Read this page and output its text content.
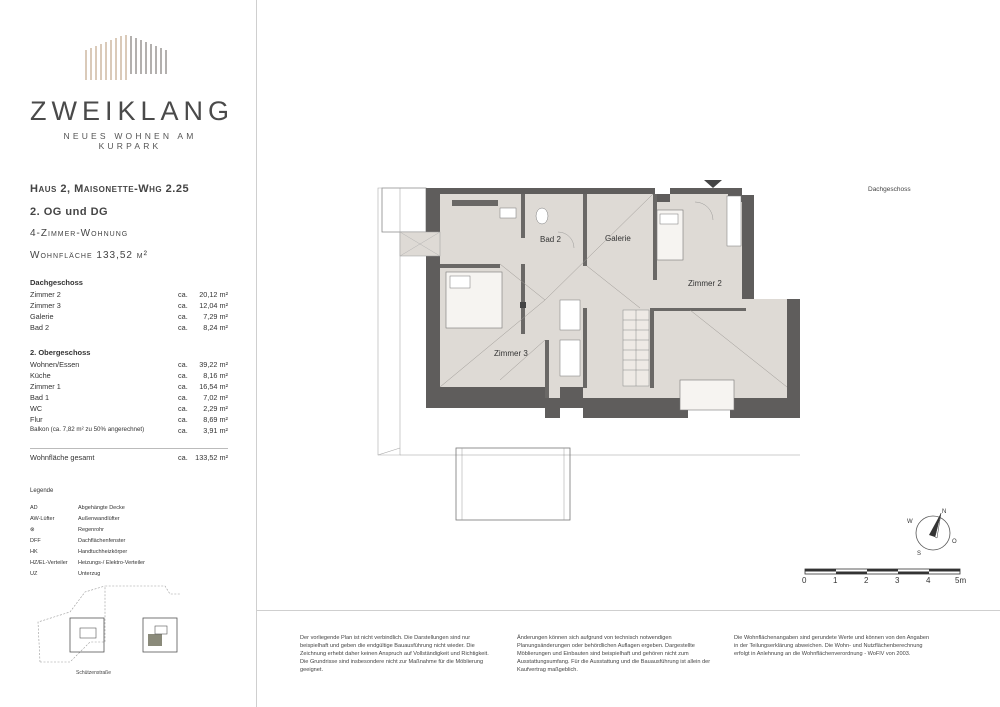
ZWEIKLANG
NEUES WOHNEN AM KURPARK
Haus 2, Maisonette-Whg 2.25
2. OG und DG
4-Zimmer-Wohnung
Wohnfläche 133,52 m²
Dachgeschoss
Zimmer 2	ca. 20,12 m²
Zimmer 3	ca. 12,04 m²
Galerie	ca. 7,29 m²
Bad 2	ca. 8,24 m²
2. Obergeschoss
Wohnen/Essen	ca. 39,22 m²
Küche	ca. 8,16 m²
Zimmer 1	ca. 16,54 m²
Bad 1	ca. 7,02 m²
WC	ca. 2,29 m²
Flur	ca. 8,69 m²
Balkon (ca. 7,82 m² zu 50% angerechnet)	ca. 3,91 m²
Wohnfläche gesamt	ca. 133,52 m²
Legende
AD	Abgehängte Decke
AW-Lüfter	Außenwandlüfter
⊗	Regenrohr
DFF	Dachflächenfenster
HK	Handtuchheizkörper
HZ/EL-Verteiler Heizungs-/ Elektro-Verteiler
UZ	Unterzug
Schützenstraße
Dachgeschoss
Bad 2	Galerie
Zimmer 2
Zimmer 3
N
O
S
W
0	1	2	3	4	5m
Der vorliegende Plan ist nicht verbindlich. Die Darstellungen sind nur beispielhaft und geben die endgültige Bauausführung nicht wieder. Die Zeichnung erhebt daher keinen Anspruch auf Vollständigkeit und Richtigkeit. Die Grundrisse sind insbesondere nicht zur Maßnahme für die Möblierung geeignet.
Änderungen können sich aufgrund von technisch notwendigen Planungsänderungen oder behördlichen Auflagen ergeben. Dargestellte Möblierungen und Einbauten sind beispielhaft und gehören nicht zum Ausstattungsumfang. Für die Ausstattung und die Bauausführung ist allein der Kaufvertrag maßgeblich.
Die Wohnflächenangaben sind gerundete Werte und können von den Angaben in der Teilungserklärung abweichen. Die Wohn- und Nutzflächenberechnung erfolgt in Anlehnung an die Wohnflächenverordnung - WoFlV von 2003.
